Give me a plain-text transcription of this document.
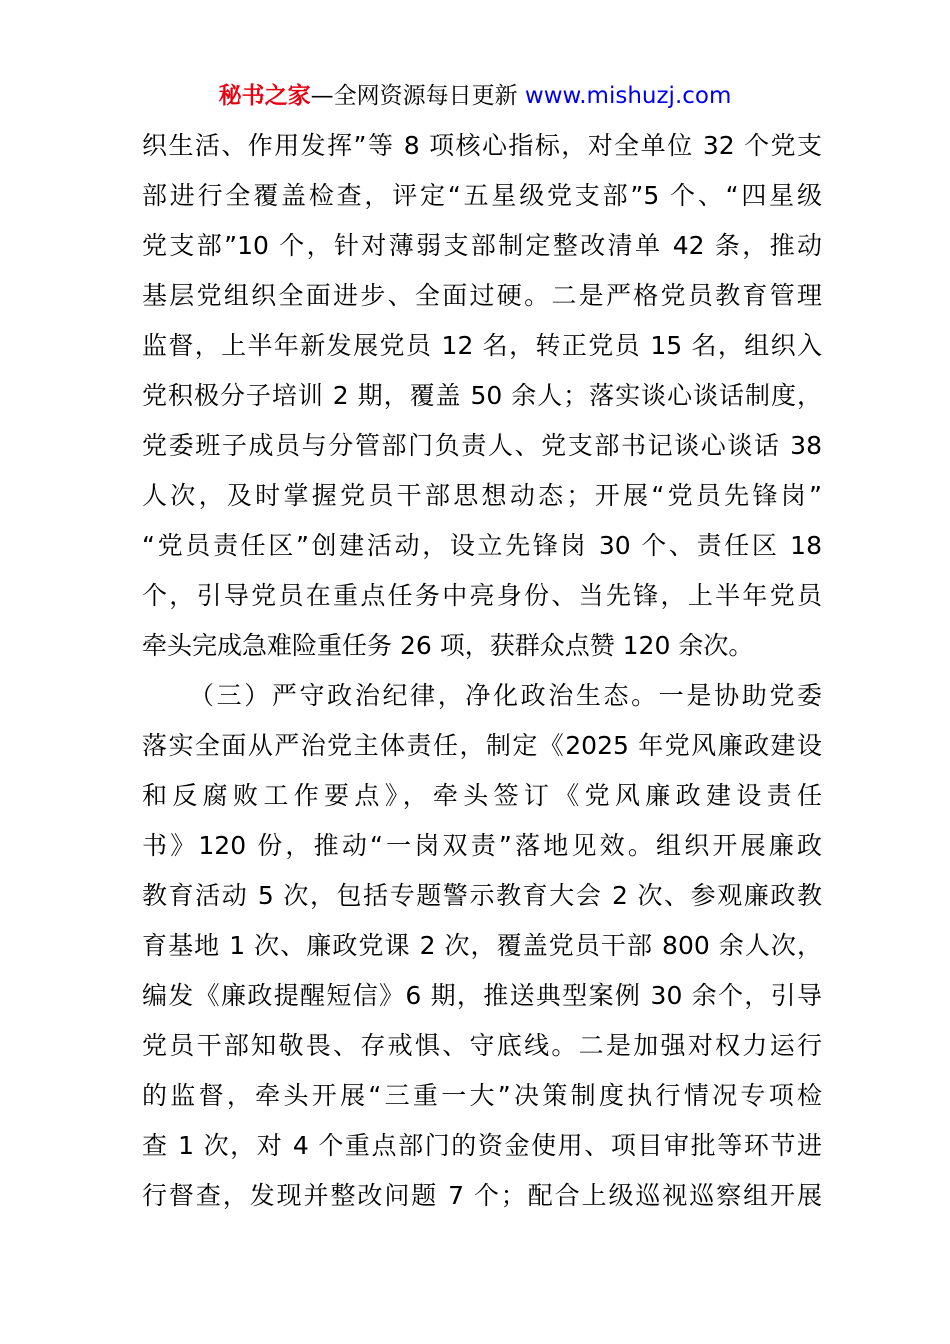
秘书之家—全网资源每日更新 www.mishuzj.com
织生活、作用发挥”等 8 项核心指标，对全单位 32 个党支
部进行全覆盖检查，评定“五星级党支部”5 个、“四星级
党支部”10 个，针对薄弱支部制定整改清单 42 条，推动
基层党组织全面进步、全面过硬。二是严格党员教育管理
监督，上半年新发展党员 12 名，转正党员 15 名，组织入
党积极分子培训 2 期，覆盖 50 余人；落实谈心谈话制度，
党委班子成员与分管部门负责人、党支部书记谈心谈话 38
人次，及时掌握党员干部思想动态；开展“党员先锋岗”
“党员责任区”创建活动，设立先锋岗 30 个、责任区 18
个，引导党员在重点任务中亮身份、当先锋，上半年党员
牵头完成急难险重任务 26 项，获群众点赞 120 余次。
（三）严守政治纪律，净化政治生态。一是协助党委
落实全面从严治党主体责任，制定《2025 年党风廉政建设
和反腐败工作要点》，牵头签订《党风廉政建设责任
书》120 份，推动“一岗双责”落地见效。组织开展廉政
教育活动 5 次，包括专题警示教育大会 2 次、参观廉政教
育基地 1 次、廉政党课 2 次，覆盖党员干部 800 余人次，
编发《廉政提醒短信》6 期，推送典型案例 30 余个，引导
党员干部知敬畏、存戒惧、守底线。二是加强对权力运行
的监督，牵头开展“三重一大”决策制度执行情况专项检
查 1 次，对 4 个重点部门的资金使用、项目审批等环节进
行督查，发现并整改问题 7 个；配合上级巡视巡察组开展
